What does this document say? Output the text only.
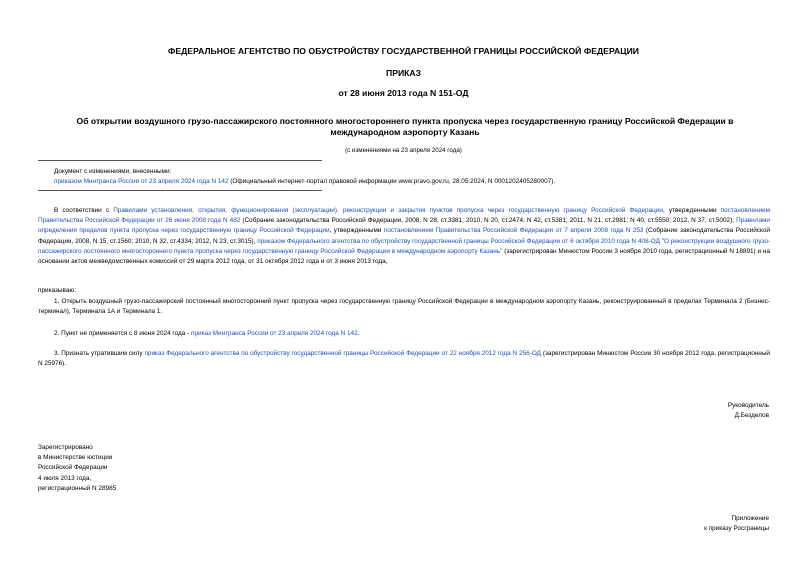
ФЕДЕРАЛЬНОЕ АГЕНТСТВО ПО ОБУСТРОЙСТВУ ГОСУДАРСТВЕННОЙ ГРАНИЦЫ РОССИЙСКОЙ ФЕДЕРАЦИИ
ПРИКАЗ
от 28 июня 2013 года N 151-ОД
Об открытии воздушного грузо-пассажирского постоянного многостороннего пункта пропуска через государственную границу Российской Федерации в международном аэропорту Казань
(с изменениями на 23 апреля 2024 года)
Документ с изменениями, внесенными:
приказом Минтранса России от 23 апреля 2024 года N 142 (Официальный интернет-портал правовой информации www.pravo.gov.ru, 28.05.2024, N 0001202405280007).
В соответствии с Правилами установления, открытия, функционирования (эксплуатации), реконструкции и закрытия пунктов пропуска через государственную границу Российской Федерации, утвержденными постановлением Правительства Российской Федерации от 26 июня 2008 года N 482 (Собрание законодательства Российской Федерации, 2008, N 28, ст.3381; 2010, N 20, ст.2474; N 42, ст.5381; 2011, N 21, ст.2981; N 40, ст.5550; 2012, N 37, ст.5002), Правилами определения пределов пункта пропуска через государственную границу Российской Федерации, утвержденными постановлением Правительства Российской Федерации от 7 апреля 2008 года N 253 (Собрание законодательства Российской Федерации, 2008, N 15, ст.1560; 2010, N 32, ст.4334; 2012, N 23, ст.3015), приказом Федерального агентства по обустройству государственной границы Российской Федерации от 6 октября 2010 года N 408-ОД "О реконструкции воздушного грузо-пассажирского постоянного многостороннего пункта пропуска через государственную границу Российской Федерации в международном аэропорту Казань" (зарегистрирован Минюстом России 3 ноября 2010 года, регистрационный N 18891) и на основании актов межведомственных комиссий от 29 марта 2012 года, от 31 октября 2012 года и от 3 июня 2013 года,
приказываю:
1. Открыть воздушный грузо-пассажирский постоянный многосторонний пункт пропуска через государственную границу Российской Федерации в международном аэропорту Казань, реконструированный в пределах Терминала 2 (Бизнес-терминал), Терминала 1А и Терминала 1.
2. Пункт не применяется с 8 июня 2024 года - приказ Минтранса России от 23 апреля 2024 года N 142.
3. Признать утратившим силу приказ Федерального агентства по обустройству государственной границы Российской Федерации от 22 ноября 2012 года N 256-ОД (зарегистрирован Минюстом России 30 ноября 2012 года, регистрационный N 25976).
Руководитель
Д.Безделов
Зарегистрировано
в Министерстве юстиции
Российской Федерации
4 июля 2013 года,
регистрационный N 28985
Приложение
к приказу Росграницы
